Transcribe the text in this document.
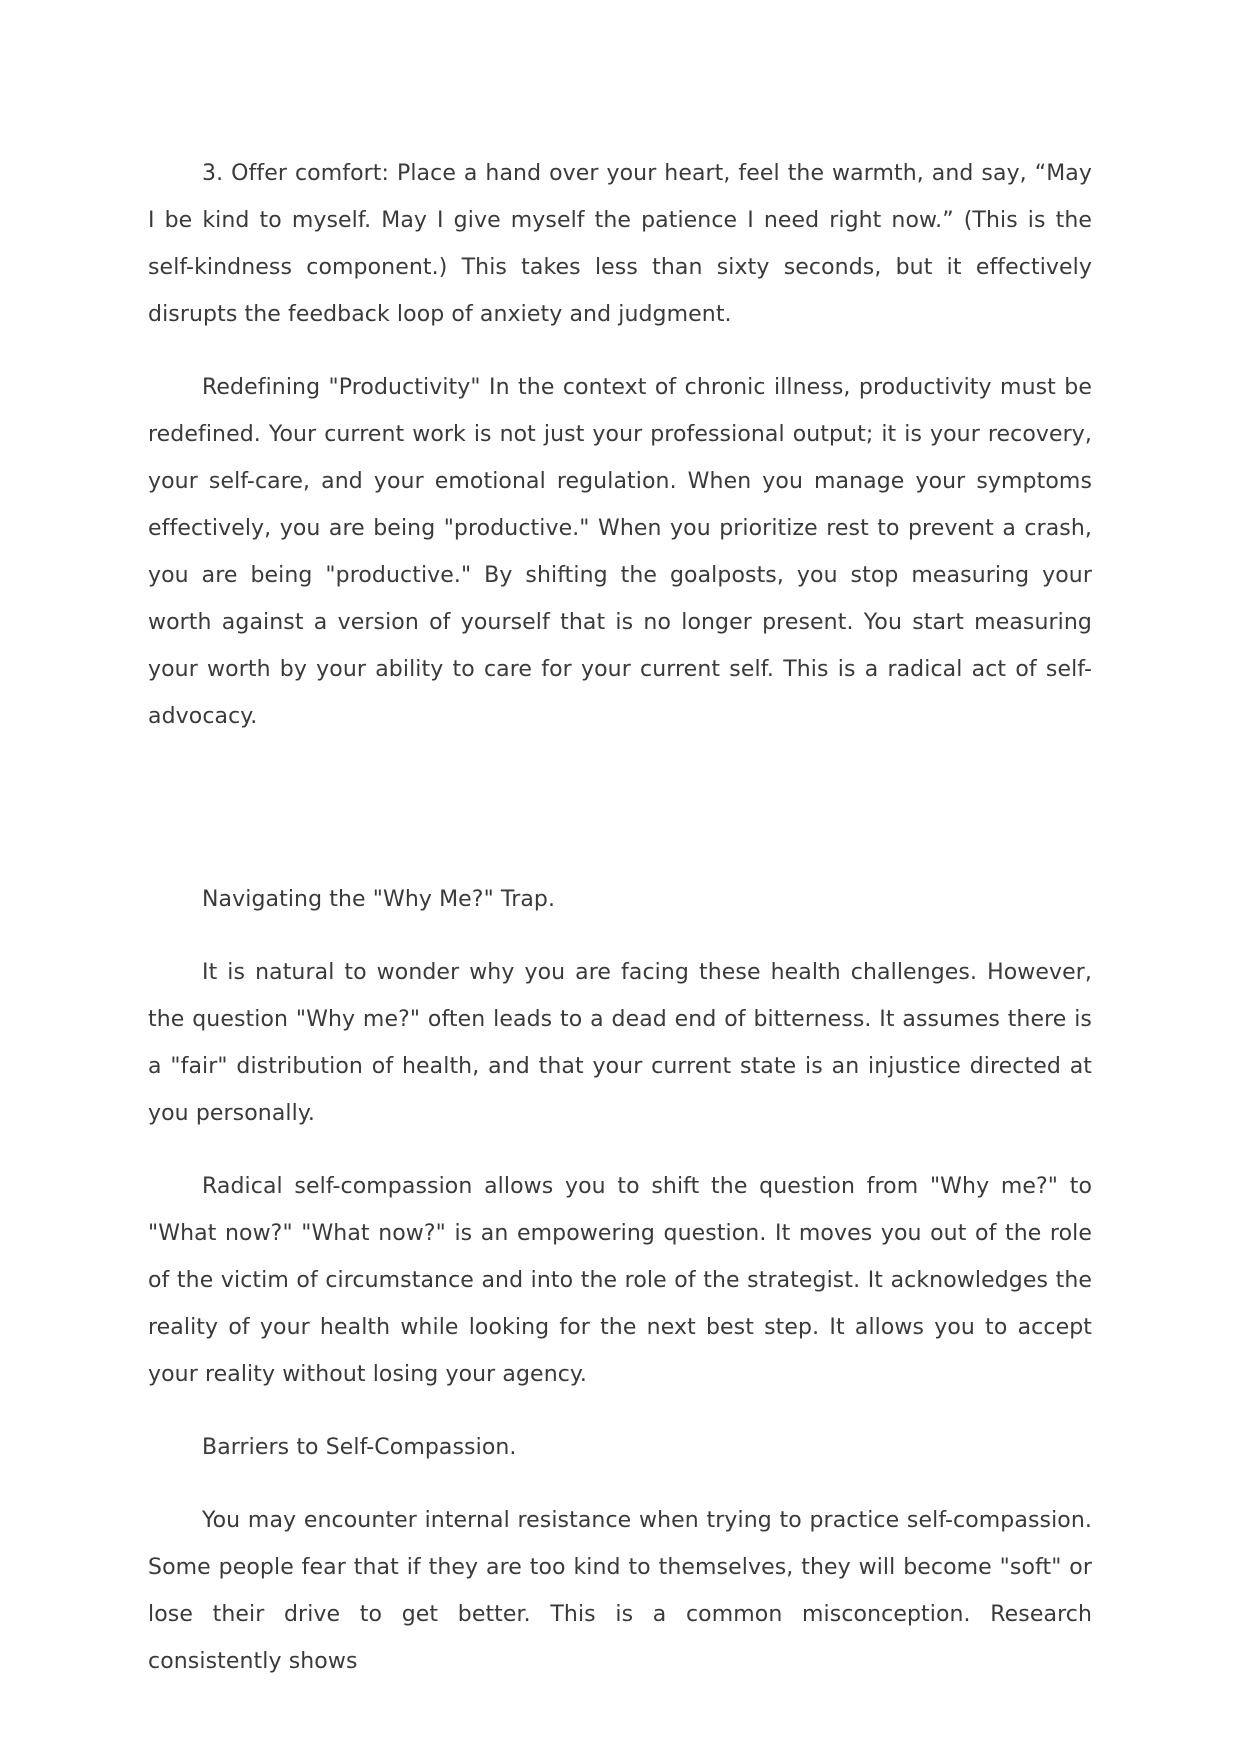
3. Offer comfort: Place a hand over your heart, feel the warmth, and say, “May I be kind to myself. May I give myself the patience I need right now.” (This is the self-kindness component.) This takes less than sixty seconds, but it effectively disrupts the feedback loop of anxiety and judgment.

Redefining "Productivity" In the context of chronic illness, productivity must be redefined. Your current work is not just your professional output; it is your recovery, your self-care, and your emotional regulation. When you manage your symptoms effectively, you are being "productive." When you prioritize rest to prevent a crash, you are being "productive." By shifting the goalposts, you stop measuring your worth against a version of yourself that is no longer present. You start measuring your worth by your ability to care for your current self. This is a radical act of self-advocacy.

Navigating the "Why Me?" Trap.

It is natural to wonder why you are facing these health challenges. However, the question "Why me?" often leads to a dead end of bitterness. It assumes there is a "fair" distribution of health, and that your current state is an injustice directed at you personally.

Radical self-compassion allows you to shift the question from "Why me?" to "What now?" "What now?" is an empowering question. It moves you out of the role of the victim of circumstance and into the role of the strategist. It acknowledges the reality of your health while looking for the next best step. It allows you to accept your reality without losing your agency.

Barriers to Self-Compassion.

You may encounter internal resistance when trying to practice self-compassion. Some people fear that if they are too kind to themselves, they will become "soft" or lose their drive to get better. This is a common misconception. Research consistently shows
